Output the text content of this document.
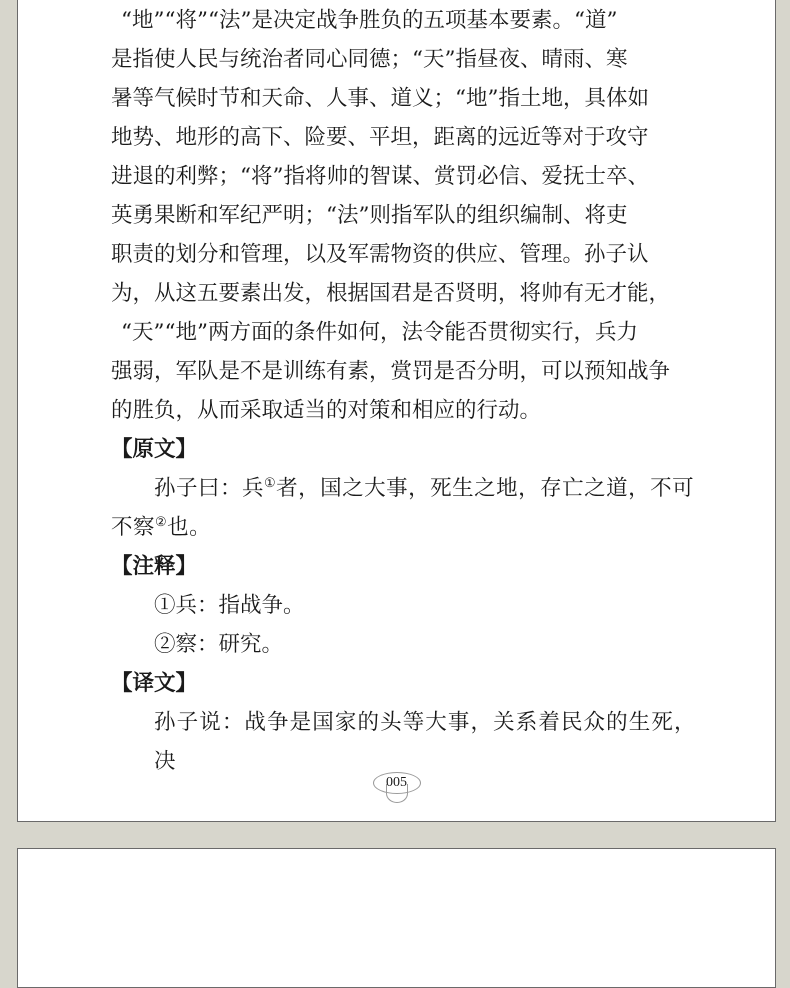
“地”“将”“法”是决定战争胜负的五项基本要素。“道”

是指使人民与统治者同心同德；“天”指昼夜、晴雨、寒

暑等气候时节和天命、人事、道义；“地”指土地，具体如

地势、地形的高下、险要、平坦，距离的远近等对于攻守

进退的利弊；“将”指将帅的智谋、赏罚必信、爱抚士卒、

英勇果断和军纪严明；“法”则指军队的组织编制、将吏

职责的划分和管理，以及军需物资的供应、管理。孙子认

为，从这五要素出发，根据国君是否贤明，将帅有无才能，

“天”“地”两方面的条件如何，法令能否贯彻实行，兵力

强弱，军队是不是训练有素，赏罚是否分明，可以预知战争

的胜负，从而采取适当的对策和相应的行动。

【原文】

孙子曰：兵①者，国之大事，死生之地，存亡之道，不可

不察②也。

【注释】

①兵：指战争。

②察：研究。

【译文】

孙子说：战争是国家的头等大事，关系着民众的生死，决

005
